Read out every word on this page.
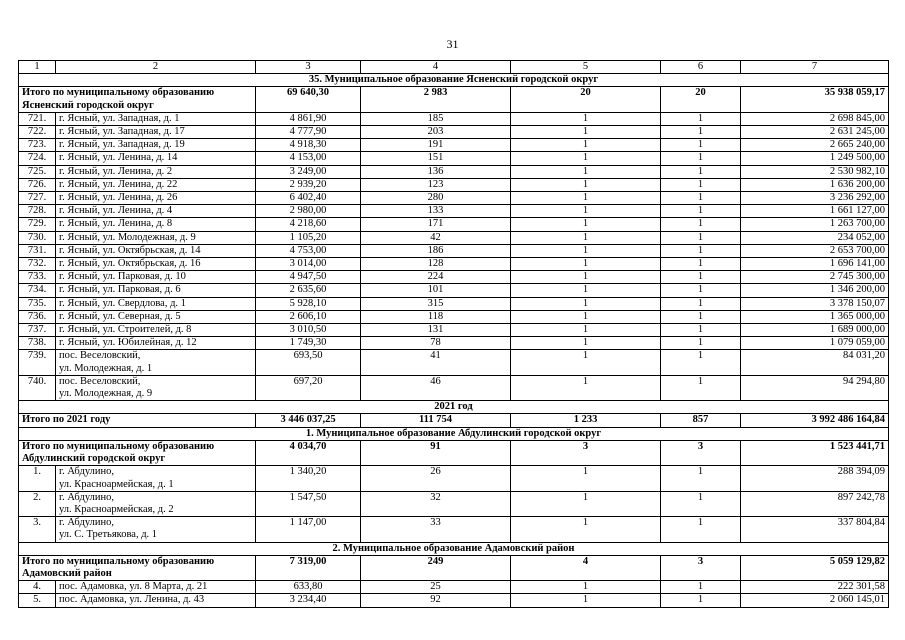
31
1	2	3	4	5	6	7
35. Муниципальное образование Ясненский городской округ						
Итого по муниципальному образованию
Ясненский городской округ		69 640,30	2 983	20	20	35 938 059,17
721.	г. Ясный, ул. Западная, д. 1	4 861,90	185	1	1	2 698 845,00
722.	г. Ясный, ул. Западная, д. 17	4 777,90	203	1	1	2 631 245,00
723.	г. Ясный, ул. Западная, д. 19	4 918,30	191	1	1	2 665 240,00
724.	г. Ясный, ул. Ленина, д. 14	4 153,00	151	1	1	1 249 500,00
725.	г. Ясный, ул. Ленина, д. 2	3 249,00	136	1	1	2 530 982,10
726.	г. Ясный, ул. Ленина, д. 22	2 939,20	123	1	1	1 636 200,00
727.	г. Ясный, ул. Ленина, д. 26	6 402,40	280	1	1	3 236 292,00
728.	г. Ясный, ул. Ленина, д. 4	2 980,00	133	1	1	1 661 127,00
729.	г. Ясный, ул. Ленина, д. 8	4 218,60	171	1	1	1 263 700,00
730.	г. Ясный, ул. Молодежная, д. 9	1 105,20	42	1	1	234 052,00
731.	г. Ясный, ул. Октябрьская, д. 14	4 753,00	186	1	1	2 653 700,00
732.	г. Ясный, ул. Октябрьская, д. 16	3 014,00	128	1	1	1 696 141,00
733.	г. Ясный, ул. Парковая, д. 10	4 947,50	224	1	1	2 745 300,00
734.	г. Ясный, ул. Парковая, д. 6	2 635,60	101	1	1	1 346 200,00
735.	г. Ясный, ул. Свердлова, д. 1	5 928,10	315	1	1	3 378 150,07
736.	г. Ясный, ул. Северная, д. 5	2 606,10	118	1	1	1 365 000,00
737.	г. Ясный, ул. Строителей, д. 8	3 010,50	131	1	1	1 689 000,00
738.	г. Ясный, ул. Юбилейная, д. 12	1 749,30	78	1	1	1 079 059,00
739.	пос. Веселовский,
ул. Молодежная, д. 1	693,50	41	1	1	84 031,20
740.	пос. Веселовский,
ул. Молодежная, д. 9	697,20	46	1	1	94 294,80
2021 год						
Итого по 2021 году		3 446 037,25	111 754	1 233	857	3 992 486 164,84
1. Муниципальное образование Абдулинский городской округ						
Итого по муниципальному образованию
Абдулинский городской округ		4 034,70	91	3	3	1 523 441,71
1.	г. Абдулино,
ул. Красноармейская, д. 1	1 340,20	26	1	1	288 394,09
2.	г. Абдулино,
ул. Красноармейская, д. 2	1 547,50	32	1	1	897 242,78
3.	г. Абдулино,
ул. С. Третьякова, д. 1	1 147,00	33	1	1	337 804,84
2. Муниципальное образование Адамовский район						
Итого по муниципальному образованию
Адамовский район		7 319,00	249	4	3	5 059 129,82
4.	пос. Адамовка, ул. 8 Марта, д. 21	633,80	25	1	1	222 301,58
5.	пос. Адамовка, ул. Ленина, д. 43	3 234,40	92	1	1	2 060 145,01
